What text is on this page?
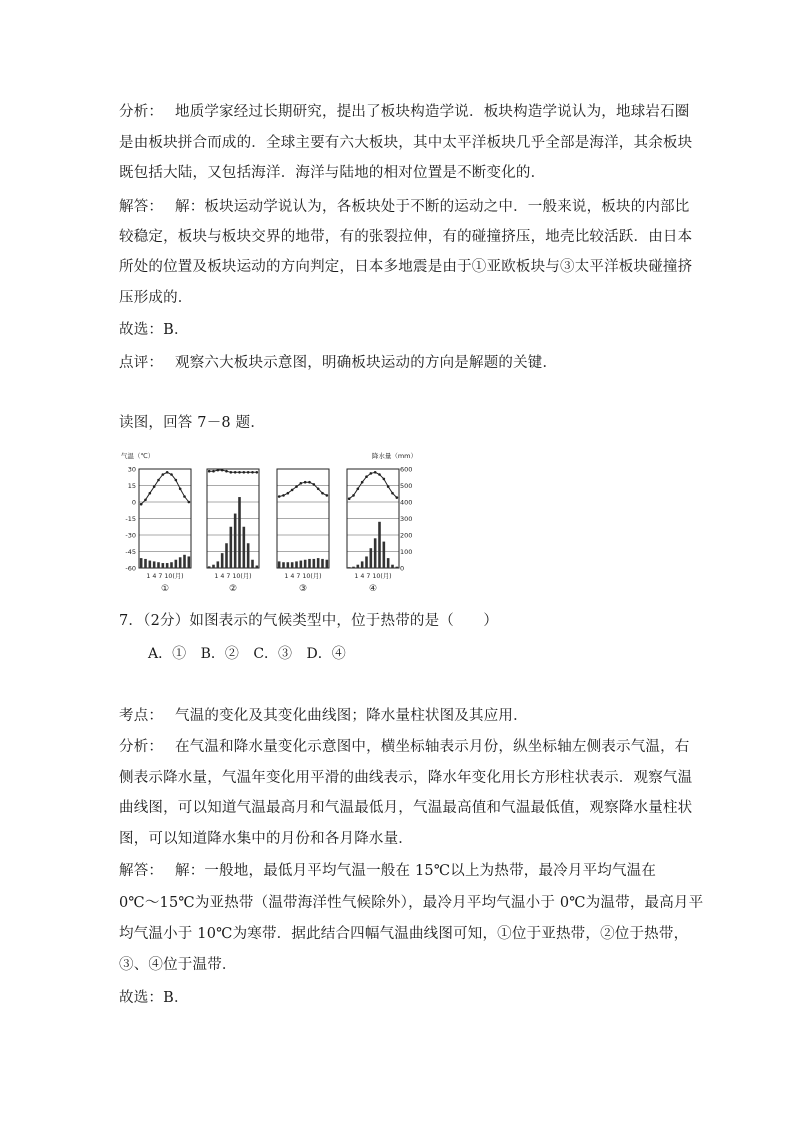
分析： 地质学家经过长期研究，提出了板块构造学说．板块构造学说认为，地球岩石圈
是由板块拼合而成的．全球主要有六大板块，其中太平洋板块几乎全部是海洋，其余板块
既包括大陆，又包括海洋．海洋与陆地的相对位置是不断变化的．
解答： 解：板块运动学说认为，各板块处于不断的运动之中．一般来说，板块的内部比
较稳定，板块与板块交界的地带，有的张裂拉伸，有的碰撞挤压，地壳比较活跃．由日本
所处的位置及板块运动的方向判定，日本多地震是由于①亚欧板块与③太平洋板块碰撞挤
压形成的．
故选：B．
点评： 观察六大板块示意图，明确板块运动的方向是解题的关键．
读图，回答 7－8 题．
气温（℃）	降水量（mm）
30
15
0
-15
-30
-45
-60
600
500
400
300
200
100
0
1 4 7 10(月)
①
1 4 7 10(月)
②
1 4 7 10(月)
③
1 4 7 10(月)
④
7．（2分）如图表示的气候类型中，位于热带的是（　　）
A．① B．② C．③ D．④
考点： 气温的变化及其变化曲线图；降水量柱状图及其应用．
分析： 在气温和降水量变化示意图中，横坐标轴表示月份，纵坐标轴左侧表示气温，右
侧表示降水量，气温年变化用平滑的曲线表示，降水年变化用长方形柱状表示．观察气温
曲线图，可以知道气温最高月和气温最低月，气温最高值和气温最低值，观察降水量柱状
图，可以知道降水集中的月份和各月降水量．
解答： 解：一般地，最低月平均气温一般在 15℃以上为热带，最冷月平均气温在
0℃～15℃为亚热带（温带海洋性气候除外），最冷月平均气温小于 0℃为温带，最高月平
均气温小于 10℃为寒带．据此结合四幅气温曲线图可知，①位于亚热带，②位于热带，
③、④位于温带．
故选：B．
